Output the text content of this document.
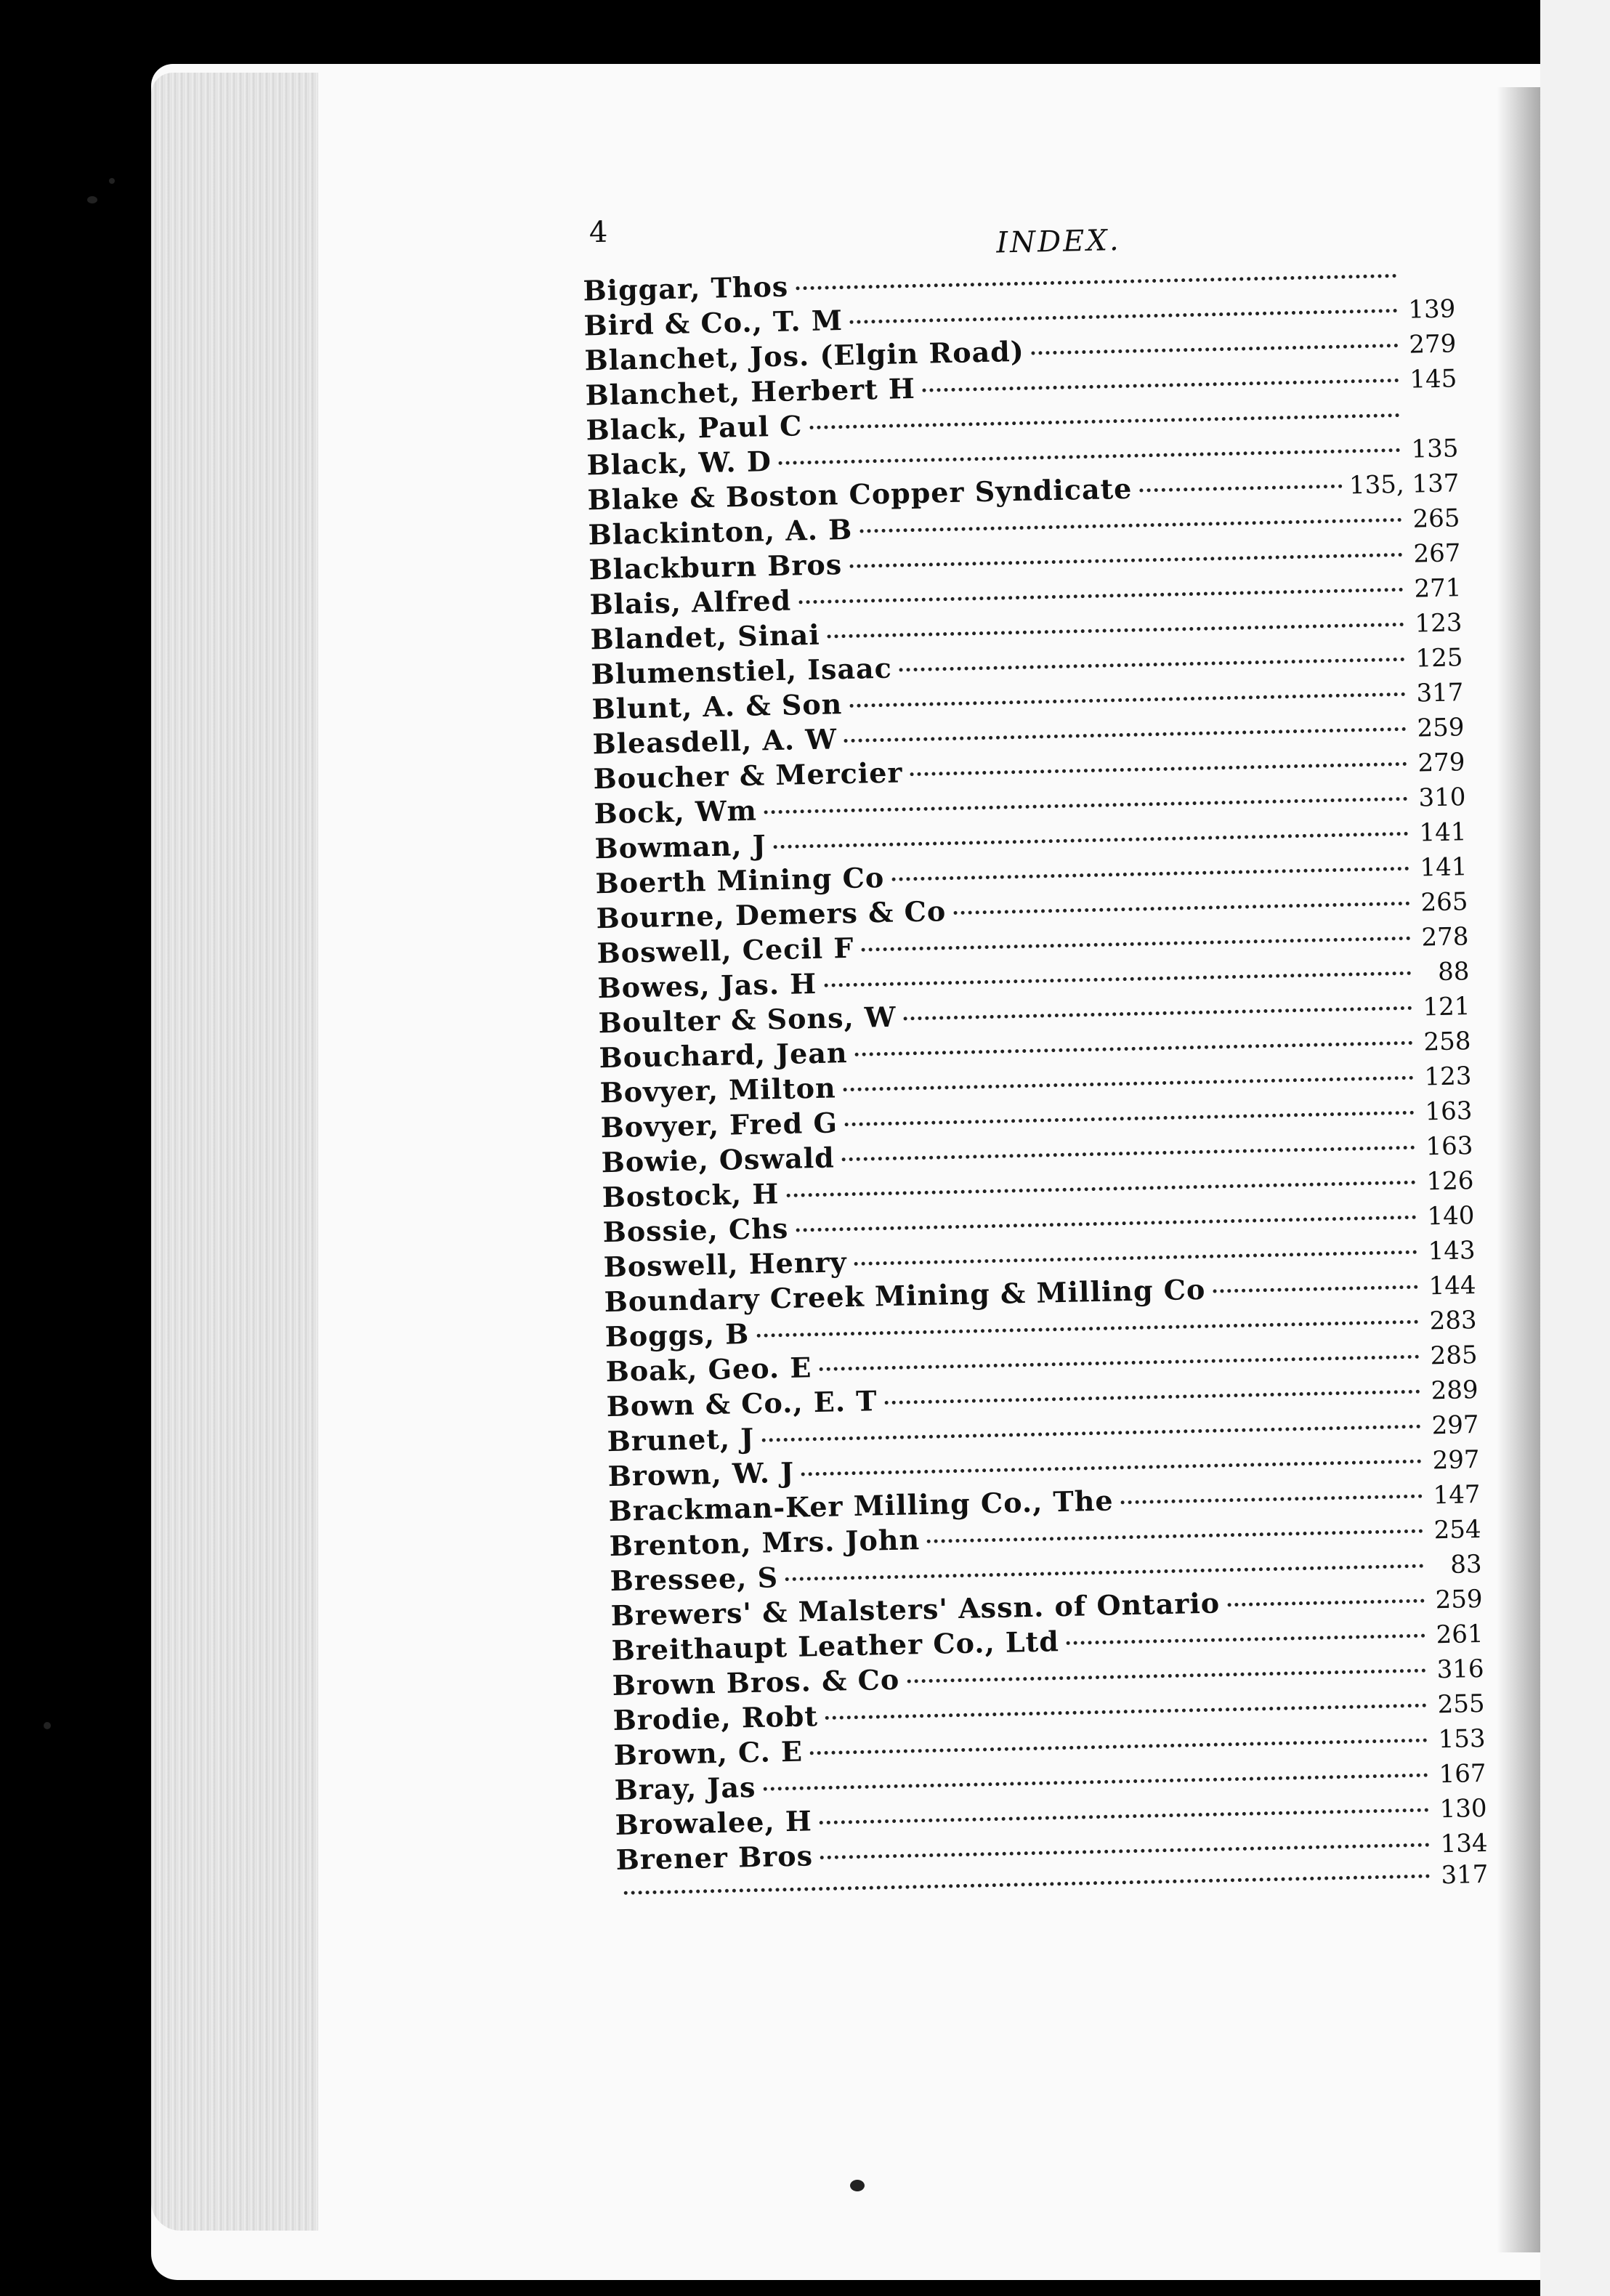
4	INDEX.
Biggar, Thos
Bird & Co., T. M	139
Blanchet, Jos. (Elgin Road)	279
Blanchet, Herbert H	145
Black, Paul C
Black, W. D	135
Blake & Boston Copper Syndicate	135, 137
Blackinton, A. B	265
Blackburn Bros	267
Blais, Alfred	271
Blandet, Sinai	123
Blumenstiel, Isaac	125
Blunt, A. & Son	317
Bleasdell, A. W	259
Boucher & Mercier	279
Bock, Wm	310
Bowman, J	141
Boerth Mining Co	141
Bourne, Demers & Co	265
Boswell, Cecil F	278
Bowes, Jas. H	88
Boulter & Sons, W	121
Bouchard, Jean	258
Bovyer, Milton	123
Bovyer, Fred G	163
Bowie, Oswald	163
Bostock, H	126
Bossie, Chs	140
Boswell, Henry	143
Boundary Creek Mining & Milling Co	144
Boggs, B	283
Boak, Geo. E	285
Bown & Co., E. T	289
Brunet, J	297
Brown, W. J	297
Brackman-Ker Milling Co., The	147
Brenton, Mrs. John	254
Bressee, S	83
Brewers' & Malsters' Assn. of Ontario	259
Breithaupt Leather Co., Ltd	261
Brown Bros. & Co	316
Brodie, Robt	255
Brown, C. E	153
Bray, Jas	167
Browalee, H	130
Brener Bros	134
317
